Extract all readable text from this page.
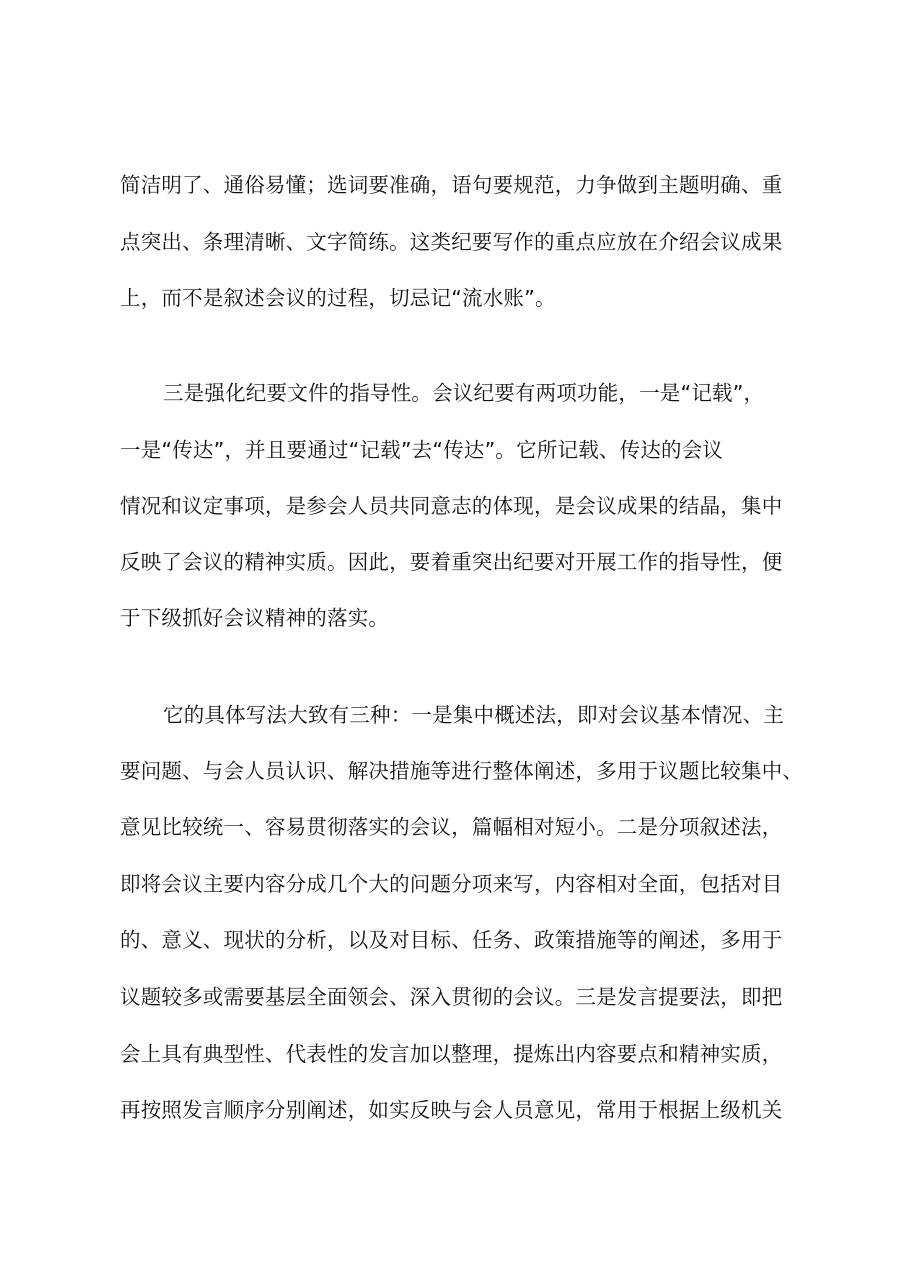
简洁明了、通俗易懂；选词要准确，语句要规范，力争做到主题明确、重
点突出、条理清晰、文字简练。这类纪要写作的重点应放在介绍会议成果
上，而不是叙述会议的过程，切忌记“流水账”。
三是强化纪要文件的指导性。会议纪要有两项功能，一是“记载”，
一是“传达”，并且要通过“记载”去“传达”。它所记载、传达的会议
情况和议定事项，是参会人员共同意志的体现，是会议成果的结晶，集中
反映了会议的精神实质。因此，要着重突出纪要对开展工作的指导性，便
于下级抓好会议精神的落实。
它的具体写法大致有三种：一是集中概述法，即对会议基本情况、主
要问题、与会人员认识、解决措施等进行整体阐述，多用于议题比较集中、
意见比较统一、容易贯彻落实的会议，篇幅相对短小。二是分项叙述法，
即将会议主要内容分成几个大的问题分项来写，内容相对全面，包括对目
的、意义、现状的分析，以及对目标、任务、政策措施等的阐述，多用于
议题较多或需要基层全面领会、深入贯彻的会议。三是发言提要法，即把
会上具有典型性、代表性的发言加以整理，提炼出内容要点和精神实质，
再按照发言顺序分别阐述，如实反映与会人员意见，常用于根据上级机关
